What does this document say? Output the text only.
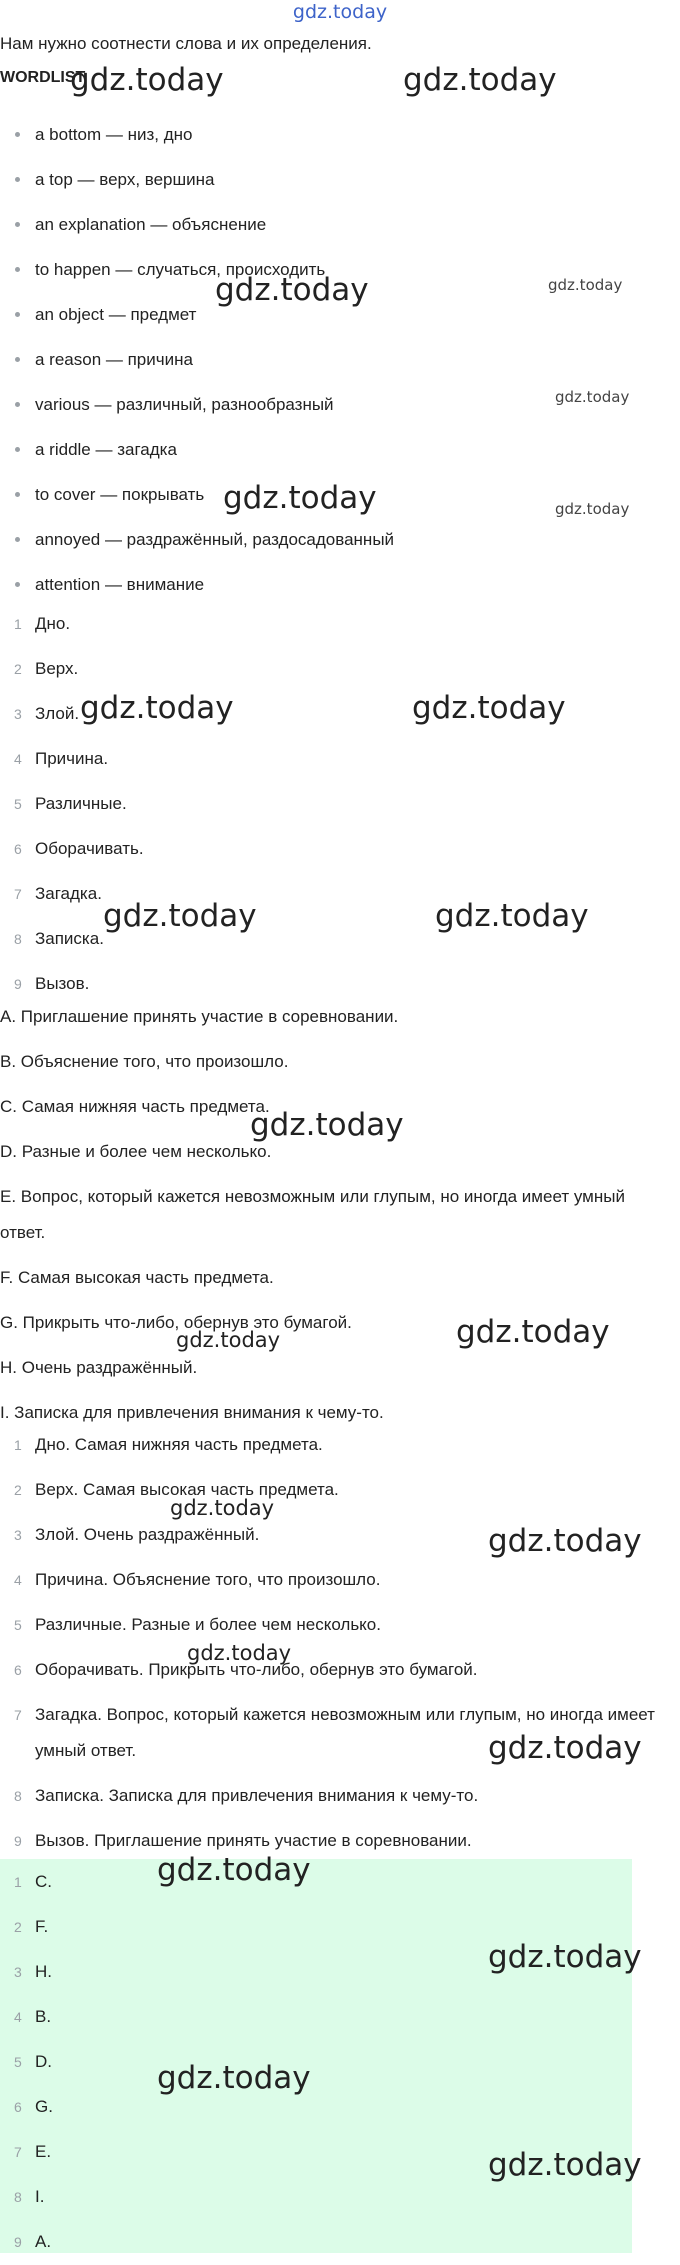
gdz.today
Нам нужно соотнести слова и их определения.
WORDLIST
a bottom — низ, дно
a top — верх, вершина
an explanation — объяснение
to happen — случаться, происходить
an object — предмет
a reason — причина
various — различный, разнообразный
a riddle — загадка
to cover — покрывать
annoyed — раздражённый, раздосадованный
attention — внимание
1 Дно.
2 Верх.
3 Злой.
4 Причина.
5 Различные.
6 Оборачивать.
7 Загадка.
8 Записка.
9 Вызов.
A. Приглашение принять участие в соревновании.
B. Объяснение того, что произошло.
C. Самая нижняя часть предмета.
D. Разные и более чем несколько.
E. Вопрос, который кажется невозможным или глупым, но иногда имеет умный ответ.
F. Самая высокая часть предмета.
G. Прикрыть что-либо, обернув это бумагой.
H. Очень раздражённый.
I. Записка для привлечения внимания к чему-то.
1 Дно. Самая нижняя часть предмета.
2 Верх. Самая высокая часть предмета.
3 Злой. Очень раздражённый.
4 Причина. Объяснение того, что произошло.
5 Различные. Разные и более чем несколько.
6 Оборачивать. Прикрыть что-либо, обернув это бумагой.
7 Загадка. Вопрос, который кажется невозможным или глупым, но иногда имеет умный ответ.
8 Записка. Записка для привлечения внимания к чему-то.
9 Вызов. Приглашение принять участие в соревновании.
1 C.
2 F.
3 H.
4 B.
5 D.
6 G.
7 E.
8 I.
9 A.
gdz.today	gdz.today
gdz.today	gdz.today
gdz.today
gdz.today	gdz.today
gdz.today	gdz.today
gdz.today	gdz.today
gdz.today
gdz.today
gdz.today
gdz.today
gdz.today
gdz.today
gdz.today
gdz.today
gdz.today
gdz.today
gdz.today
